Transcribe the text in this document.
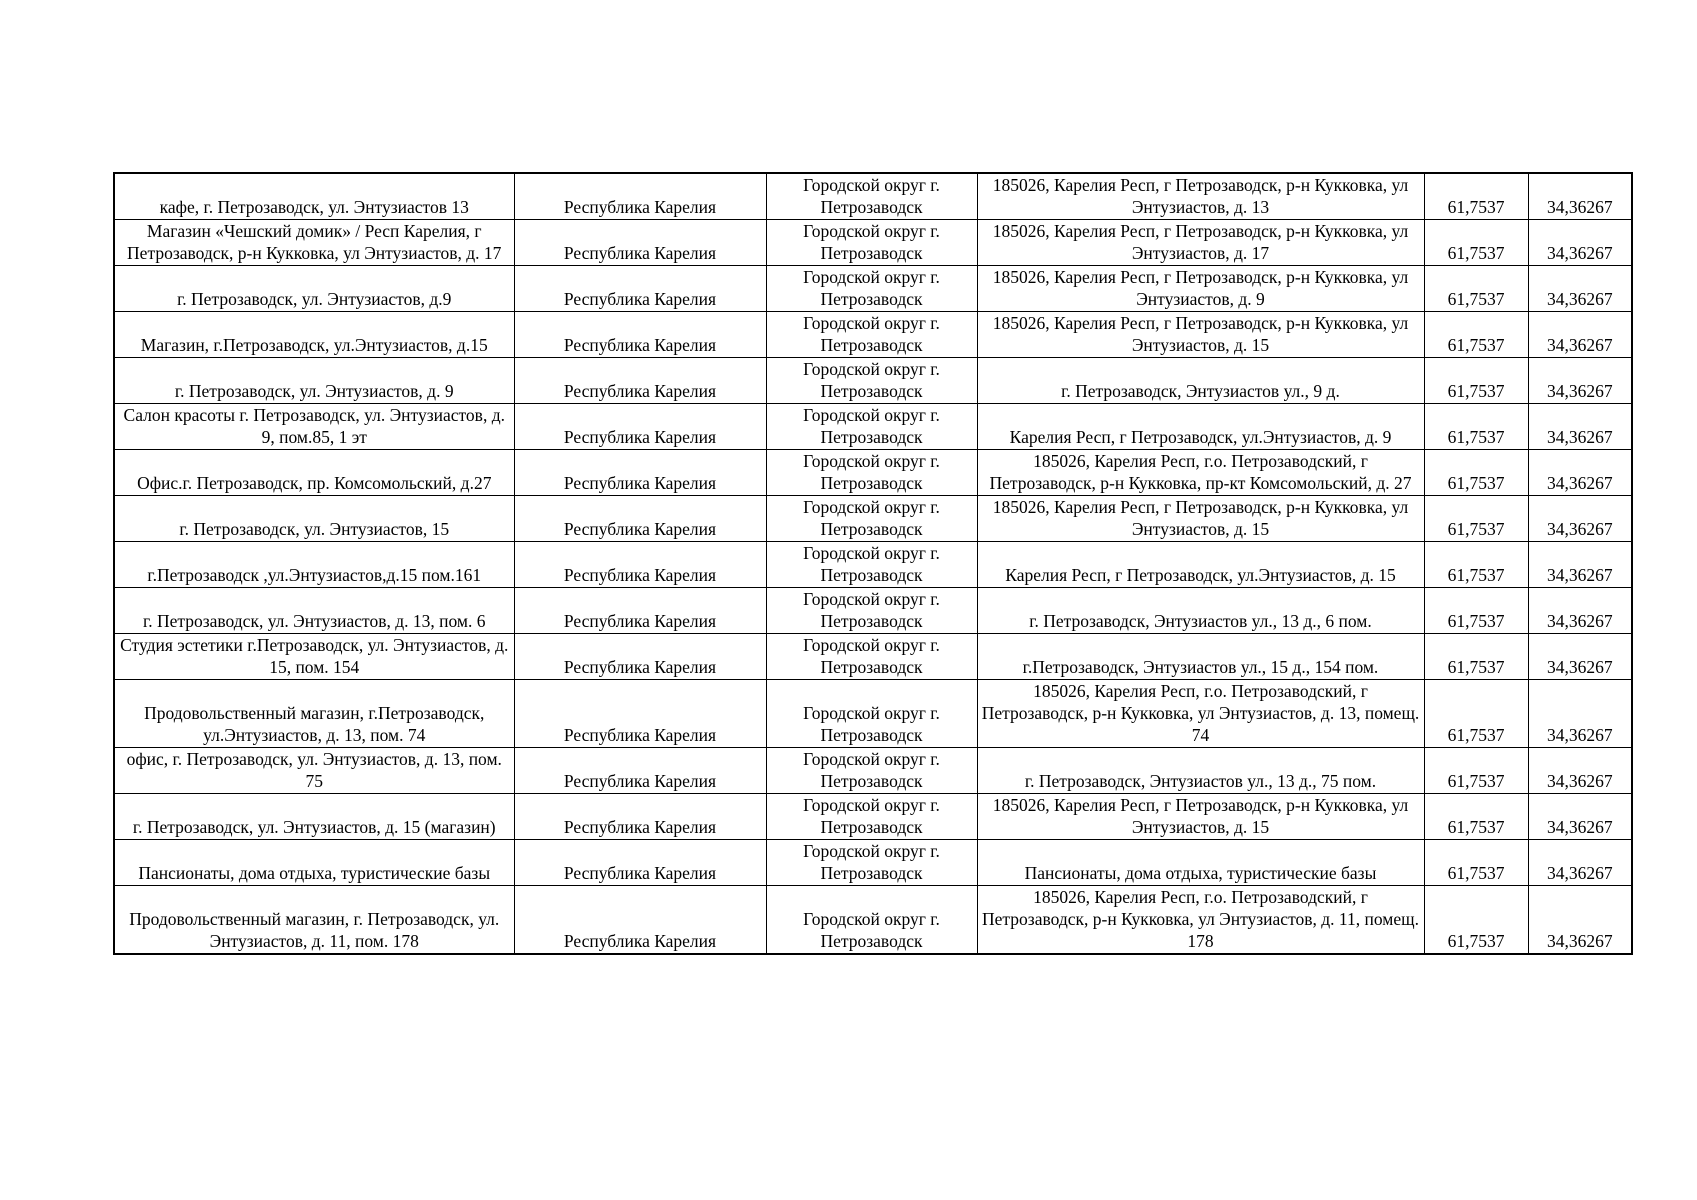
кафе, г. Петрозаводск, ул. Энтузиастов 13	Республика Карелия	Городской округ г. Петрозаводск	185026, Карелия Респ, г Петрозаводск, р-н Кукковка, ул Энтузиастов, д. 13	61,7537	34,36267

Магазин «Чешский домик» / Респ Карелия, г Петрозаводск, р-н Кукковка, ул Энтузиастов, д. 17	Республика Карелия	Городской округ г. Петрозаводск	185026, Карелия Респ, г Петрозаводск, р-н Кукковка, ул Энтузиастов, д. 17	61,7537	34,36267

г. Петрозаводск, ул. Энтузиастов, д.9	Республика Карелия	Городской округ г. Петрозаводск	185026, Карелия Респ, г Петрозаводск, р-н Кукковка, ул Энтузиастов, д. 9	61,7537	34,36267

Магазин, г.Петрозаводск, ул.Энтузиастов, д.15	Республика Карелия	Городской округ г. Петрозаводск	185026, Карелия Респ, г Петрозаводск, р-н Кукковка, ул Энтузиастов, д. 15	61,7537	34,36267

г. Петрозаводск, ул. Энтузиастов, д. 9	Республика Карелия	Городской округ г. Петрозаводск	г. Петрозаводск, Энтузиастов ул., 9 д.	61,7537	34,36267

Салон красоты г. Петрозаводск, ул. Энтузиастов, д. 9, пом.85, 1 эт	Республика Карелия	Городской округ г. Петрозаводск	Карелия Респ, г Петрозаводск, ул.Энтузиастов, д. 9	61,7537	34,36267

Офис.г. Петрозаводск, пр. Комсомольский, д.27	Республика Карелия	Городской округ г. Петрозаводск	185026, Карелия Респ, г.о. Петрозаводский, г Петрозаводск, р-н Кукковка, пр-кт Комсомольский, д. 27	61,7537	34,36267

г. Петрозаводск, ул. Энтузиастов, 15	Республика Карелия	Городской округ г. Петрозаводск	185026, Карелия Респ, г Петрозаводск, р-н Кукковка, ул Энтузиастов, д. 15	61,7537	34,36267

г.Петрозаводск ,ул.Энтузиастов,д.15 пом.161	Республика Карелия	Городской округ г. Петрозаводск	Карелия Респ, г Петрозаводск, ул.Энтузиастов, д. 15	61,7537	34,36267

г. Петрозаводск, ул. Энтузиастов, д. 13, пом. 6	Республика Карелия	Городской округ г. Петрозаводск	г. Петрозаводск, Энтузиастов ул., 13 д., 6 пом.	61,7537	34,36267

Студия эстетики г.Петрозаводск, ул. Энтузиастов, д. 15, пом. 154	Республика Карелия	Городской округ г. Петрозаводск	г.Петрозаводск, Энтузиастов ул., 15 д., 154 пом.	61,7537	34,36267

Продовольственный магазин, г.Петрозаводск, ул.Энтузиастов, д. 13, пом. 74	Республика Карелия	Городской округ г. Петрозаводск	185026, Карелия Респ, г.о. Петрозаводский, г Петрозаводск, р-н Кукковка, ул Энтузиастов, д. 13, помещ. 74	61,7537	34,36267

офис, г. Петрозаводск, ул. Энтузиастов, д. 13, пом. 75	Республика Карелия	Городской округ г. Петрозаводск	г. Петрозаводск, Энтузиастов ул., 13 д., 75 пом.	61,7537	34,36267

г. Петрозаводск, ул. Энтузиастов, д. 15 (магазин)	Республика Карелия	Городской округ г. Петрозаводск	185026, Карелия Респ, г Петрозаводск, р-н Кукковка, ул Энтузиастов, д. 15	61,7537	34,36267

Пансионаты, дома отдыха, туристические базы	Республика Карелия	Городской округ г. Петрозаводск	Пансионаты, дома отдыха, туристические базы	61,7537	34,36267

Продовольственный магазин, г. Петрозаводск, ул. Энтузиастов, д. 11, пом. 178	Республика Карелия	Городской округ г. Петрозаводск	185026, Карелия Респ, г.о. Петрозаводский, г Петрозаводск, р-н Кукковка, ул Энтузиастов, д. 11, помещ. 178	61,7537	34,36267
